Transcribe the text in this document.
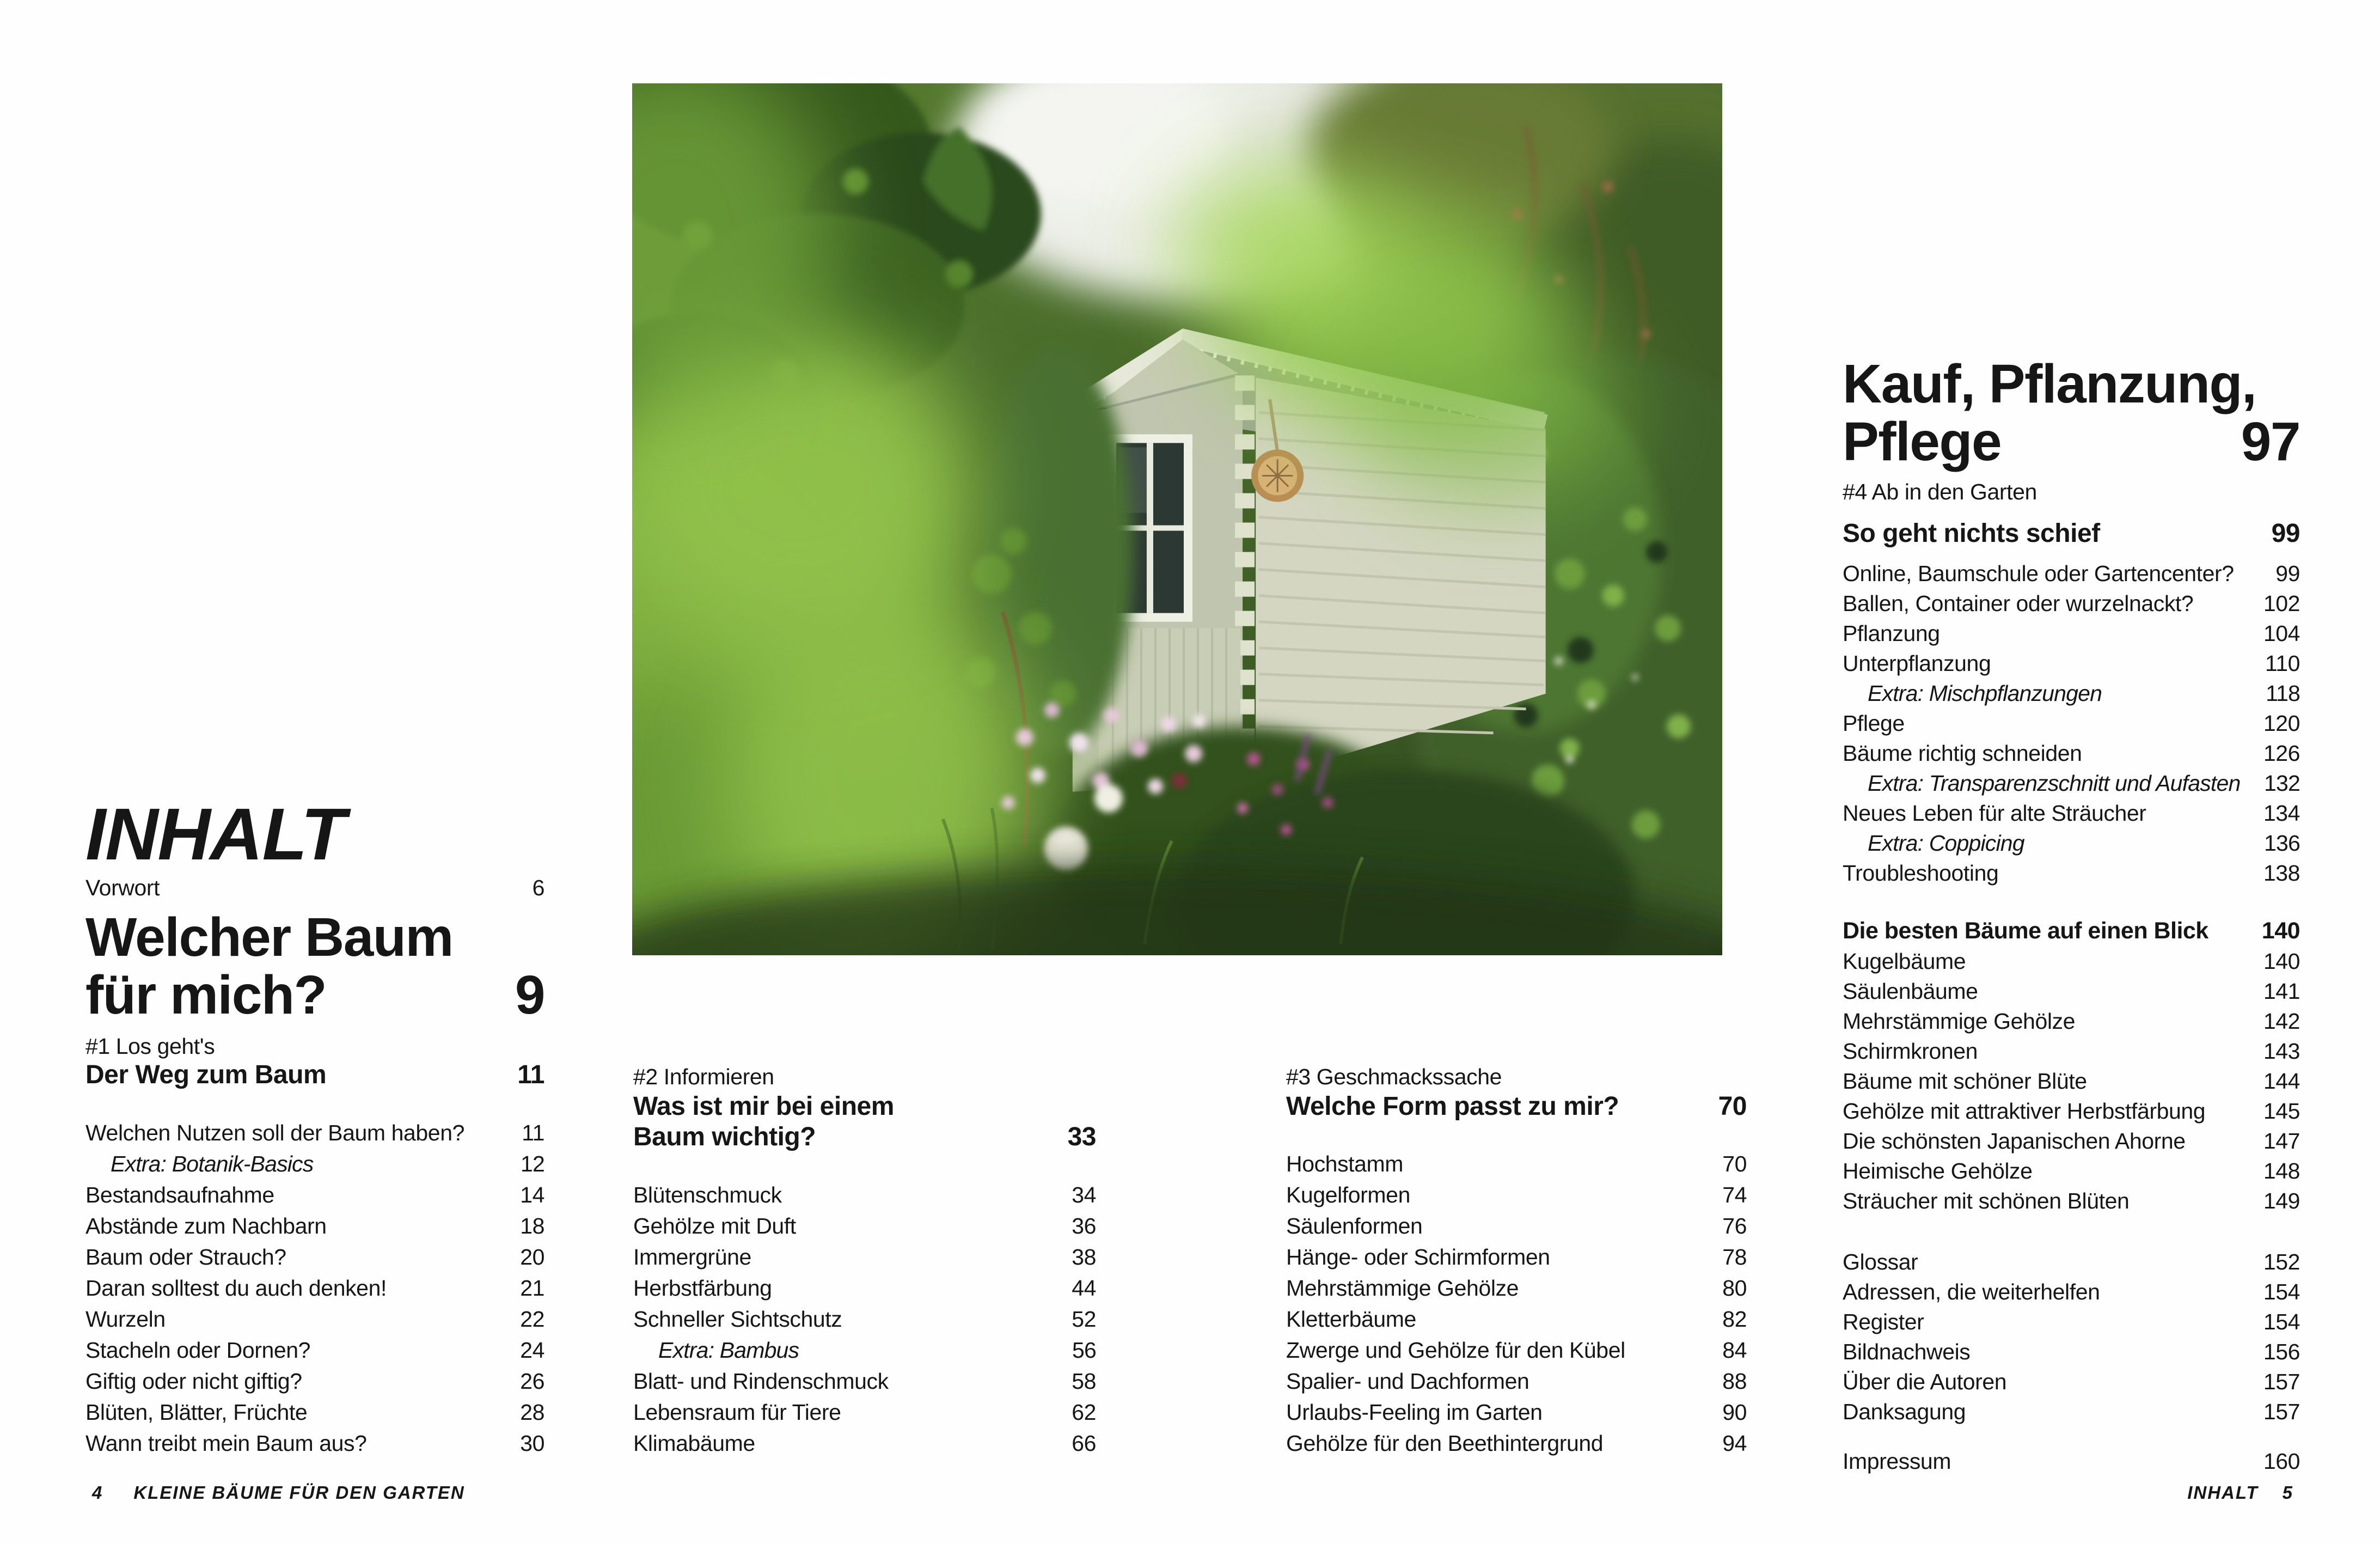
INHALT
Vorwort	6
Welcher Baum
für mich?	9
#1 Los geht's
Der Weg zum Baum	11
Welchen Nutzen soll der Baum haben?	11
Extra: Botanik-Basics	12
Bestandsaufnahme	14
Abstände zum Nachbarn	18
Baum oder Strauch?	20
Daran solltest du auch denken!	21
Wurzeln	22
Stacheln oder Dornen?	24
Giftig oder nicht giftig?	26
Blüten, Blätter, Früchte	28
Wann treibt mein Baum aus?	30
#2 Informieren
Was ist mir bei einem
Baum wichtig?	33
Blütenschmuck	34
Gehölze mit Duft	36
Immergrüne	38
Herbstfärbung	44
Schneller Sichtschutz	52
Extra: Bambus	56
Blatt- und Rindenschmuck	58
Lebensraum für Tiere	62
Klimabäume	66
#3 Geschmackssache
Welche Form passt zu mir?	70
Hochstamm	70
Kugelformen	74
Säulenformen	76
Hänge- oder Schirmformen	78
Mehrstämmige Gehölze	80
Kletterbäume	82
Zwerge und Gehölze für den Kübel	84
Spalier- und Dachformen	88
Urlaubs-Feeling im Garten	90
Gehölze für den Beethintergrund	94
Kauf, Pflanzung,
Pflege	97
#4 Ab in den Garten
So geht nichts schief	99
Online, Baumschule oder Gartencenter?	99
Ballen, Container oder wurzelnackt?	102
Pflanzung	104
Unterpflanzung	110
Extra: Mischpflanzungen	118
Pflege	120
Bäume richtig schneiden	126
Extra: Transparenzschnitt und Aufasten	132
Neues Leben für alte Sträucher	134
Extra: Coppicing	136
Troubleshooting	138
Die besten Bäume auf einen Blick	140
Kugelbäume	140
Säulenbäume	141
Mehrstämmige Gehölze	142
Schirmkronen	143
Bäume mit schöner Blüte	144
Gehölze mit attraktiver Herbstfärbung	145
Die schönsten Japanischen Ahorne	147
Heimische Gehölze	148
Sträucher mit schönen Blüten	149
Glossar	152
Adressen, die weiterhelfen	154
Register	154
Bildnachweis	156
Über die Autoren	157
Danksagung	157
Impressum	160
4 KLEINE BÄUME FÜR DEN GARTEN	INHALT 5
